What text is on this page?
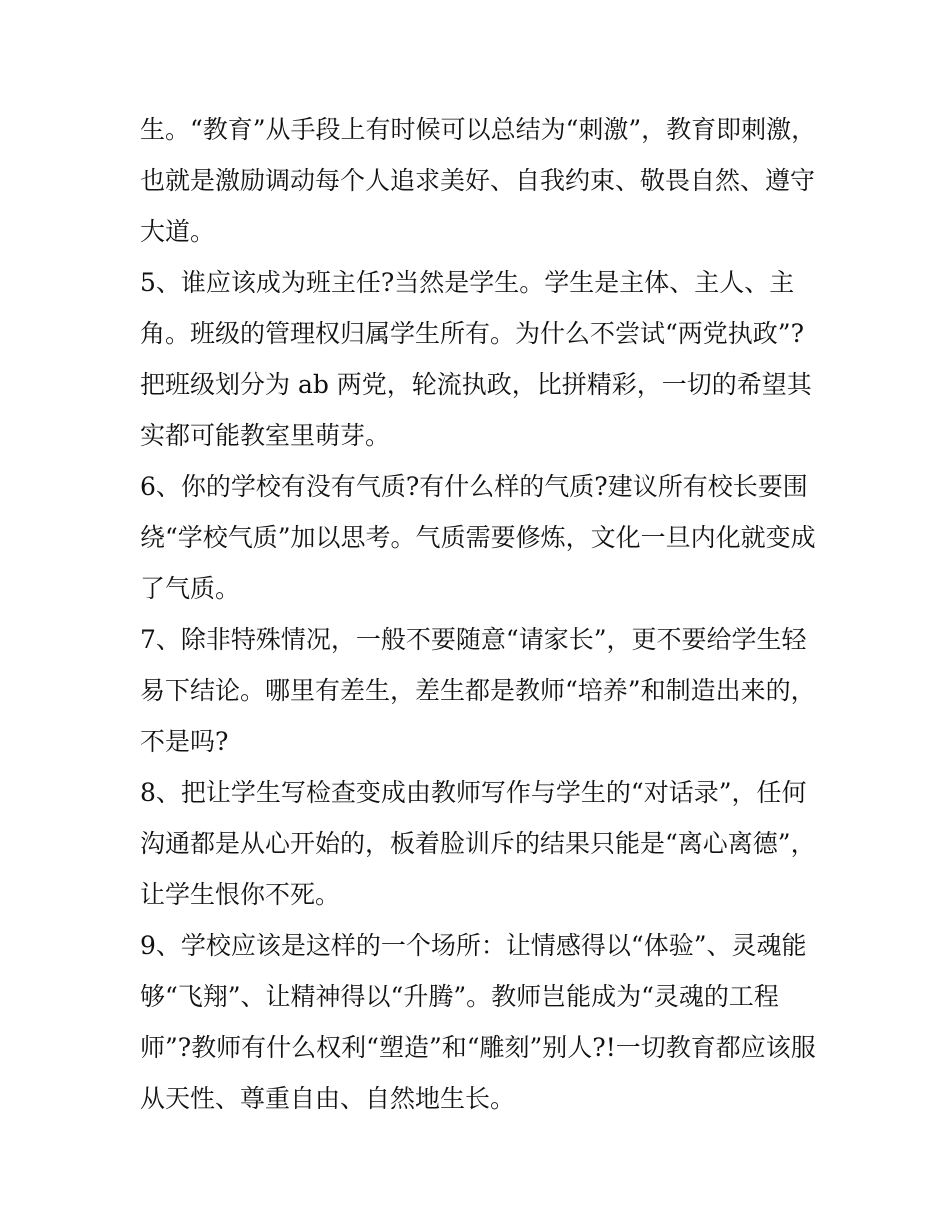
生。“教育”从手段上有时候可以总结为“刺激”，教育即刺激，
也就是激励调动每个人追求美好、自我约束、敬畏自然、遵守
大道。
5、谁应该成为班主任?当然是学生。学生是主体、主人、主
角。班级的管理权归属学生所有。为什么不尝试“两党执政”?
把班级划分为 ab 两党，轮流执政，比拼精彩，一切的希望其
实都可能教室里萌芽。
6、你的学校有没有气质?有什么样的气质?建议所有校长要围
绕“学校气质”加以思考。气质需要修炼，文化一旦内化就变成
了气质。
7、除非特殊情况，一般不要随意“请家长”，更不要给学生轻
易下结论。哪里有差生，差生都是教师“培养”和制造出来的，
不是吗?
8、把让学生写检查变成由教师写作与学生的“对话录”，任何
沟通都是从心开始的，板着脸训斥的结果只能是“离心离德”，
让学生恨你不死。
9、学校应该是这样的一个场所：让情感得以“体验”、灵魂能
够“飞翔”、让精神得以“升腾”。教师岂能成为“灵魂的工程
师”?教师有什么权利“塑造”和“雕刻”别人?!一切教育都应该服
从天性、尊重自由、自然地生长。
